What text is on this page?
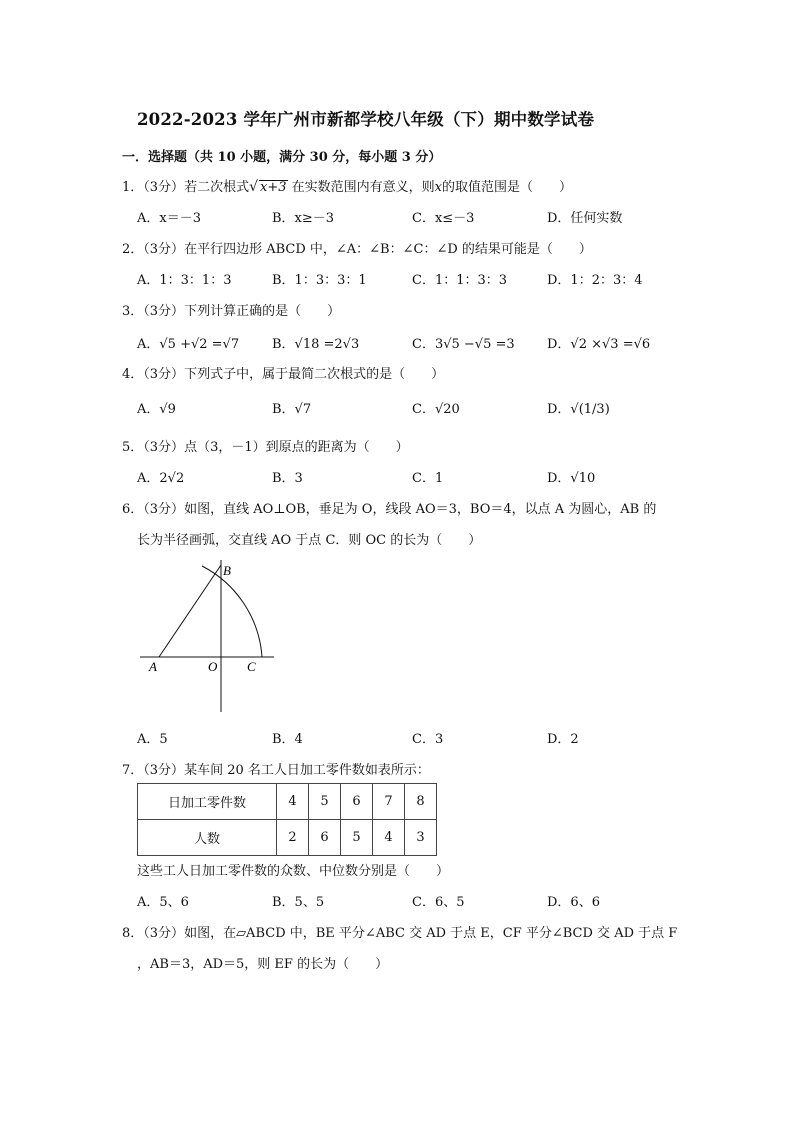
2022-2023 学年广州市新都学校八年级（下）期中数学试卷
一．选择题（共 10 小题，满分 30 分，每小题 3 分）
1．（3分）若二次根式√ x+3 在实数范围内有意义，则x的取值范围是（　　）
A．x＝－3	B．x≥－3	C．x≤－3	D．任何实数
2．（3分）在平行四边形 ABCD 中，∠A：∠B：∠C：∠D 的结果可能是（　　）
A．1：3：1：3	B．1：3：3：1	C．1：1：3：3	D．1：2：3：4
3．（3分）下列计算正确的是（　　）
A．√5 +√2 =√7	B．√18 =2√3	C．3√5 −√5 =3 D．√2 ×√3 =√6
4．（3分）下列式子中，属于最简二次根式的是（　　）
A．√9	B．√7	C．√20	D．√(1/3)
5．（3分）点（3，－1）到原点的距离为（　　）
A．2√2	B．3	C．1	D．√10
6．（3分）如图，直线 AO⊥OB，垂足为 O，线段 AO＝3，BO＝4，以点 A 为圆心，AB 的
长为半径画弧，交直线 AO 于点 C．则 OC 的长为（　　）
A	O C
B
A．5	B．4	C．3	D．2
7．（3分）某车间 20 名工人日加工零件数如表所示：
日加工零件数	4	5	6	7	8
人数	2	6	5	4	3
这些工人日加工零件数的众数、中位数分别是（　　）
A．5、6	B．5、5	C．6、5	D．6、6
8．（3分）如图，在▱ABCD 中，BE 平分∠ABC 交 AD 于点 E，CF 平分∠BCD 交 AD 于点 F
，AB＝3，AD＝5，则 EF 的长为（　　）
